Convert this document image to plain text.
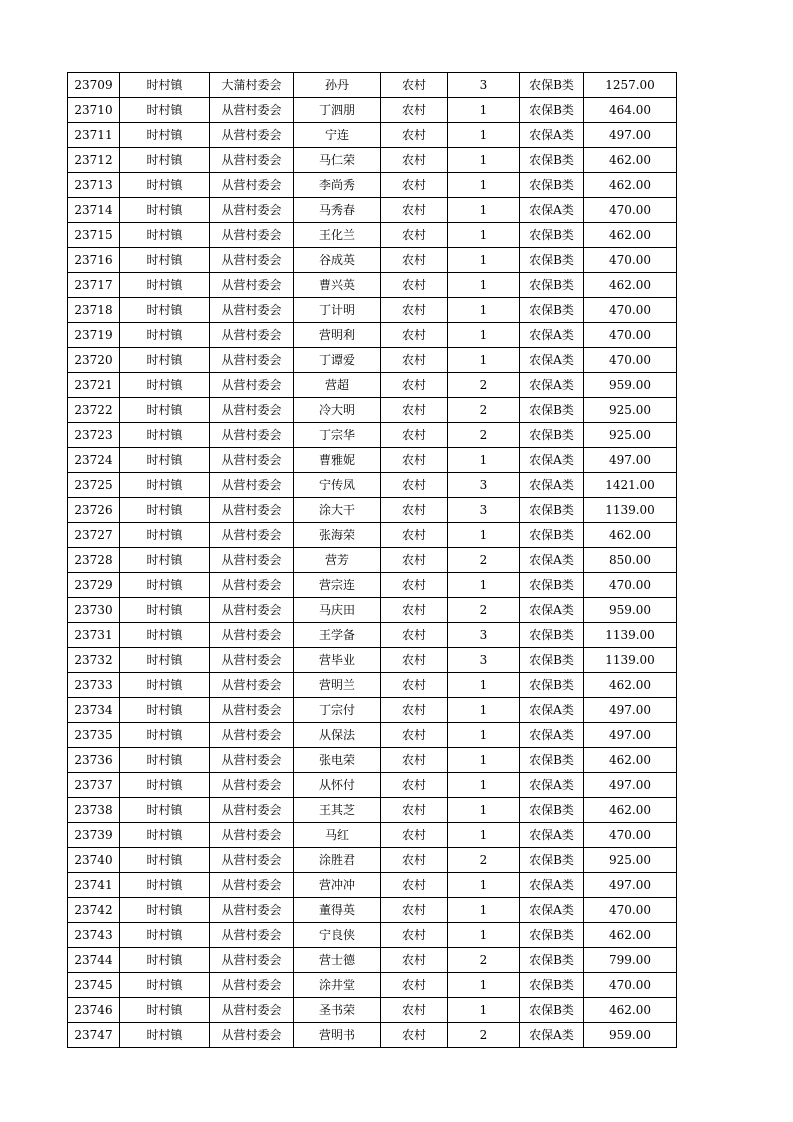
23709	时村镇	大蒲村委会	孙丹	农村	3	农保B类	1257.00
23710	时村镇	从营村委会	丁泗朋	农村	1	农保B类	464.00
23711	时村镇	从营村委会	宁连	农村	1	农保A类	497.00
23712	时村镇	从营村委会	马仁荣	农村	1	农保B类	462.00
23713	时村镇	从营村委会	李尚秀	农村	1	农保B类	462.00
23714	时村镇	从营村委会	马秀春	农村	1	农保A类	470.00
23715	时村镇	从营村委会	王化兰	农村	1	农保B类	462.00
23716	时村镇	从营村委会	谷成英	农村	1	农保B类	470.00
23717	时村镇	从营村委会	曹兴英	农村	1	农保B类	462.00
23718	时村镇	从营村委会	丁计明	农村	1	农保B类	470.00
23719	时村镇	从营村委会	营明利	农村	1	农保A类	470.00
23720	时村镇	从营村委会	丁谭爱	农村	1	农保A类	470.00
23721	时村镇	从营村委会	营超	农村	2	农保A类	959.00
23722	时村镇	从营村委会	冷大明	农村	2	农保B类	925.00
23723	时村镇	从营村委会	丁宗华	农村	2	农保B类	925.00
23724	时村镇	从营村委会	曹雅妮	农村	1	农保A类	497.00
23725	时村镇	从营村委会	宁传凤	农村	3	农保A类	1421.00
23726	时村镇	从营村委会	涂大干	农村	3	农保B类	1139.00
23727	时村镇	从营村委会	张海荣	农村	1	农保B类	462.00
23728	时村镇	从营村委会	营芳	农村	2	农保A类	850.00
23729	时村镇	从营村委会	营宗连	农村	1	农保B类	470.00
23730	时村镇	从营村委会	马庆田	农村	2	农保A类	959.00
23731	时村镇	从营村委会	王学备	农村	3	农保B类	1139.00
23732	时村镇	从营村委会	营毕业	农村	3	农保B类	1139.00
23733	时村镇	从营村委会	营明兰	农村	1	农保B类	462.00
23734	时村镇	从营村委会	丁宗付	农村	1	农保A类	497.00
23735	时村镇	从营村委会	从保法	农村	1	农保A类	497.00
23736	时村镇	从营村委会	张电荣	农村	1	农保B类	462.00
23737	时村镇	从营村委会	从怀付	农村	1	农保A类	497.00
23738	时村镇	从营村委会	王其芝	农村	1	农保B类	462.00
23739	时村镇	从营村委会	马红	农村	1	农保A类	470.00
23740	时村镇	从营村委会	涂胜君	农村	2	农保B类	925.00
23741	时村镇	从营村委会	营冲冲	农村	1	农保A类	497.00
23742	时村镇	从营村委会	董得英	农村	1	农保A类	470.00
23743	时村镇	从营村委会	宁良侠	农村	1	农保B类	462.00
23744	时村镇	从营村委会	营士德	农村	2	农保B类	799.00
23745	时村镇	从营村委会	涂井堂	农村	1	农保B类	470.00
23746	时村镇	从营村委会	圣书荣	农村	1	农保B类	462.00
23747	时村镇	从营村委会	营明书	农村	2	农保A类	959.00
